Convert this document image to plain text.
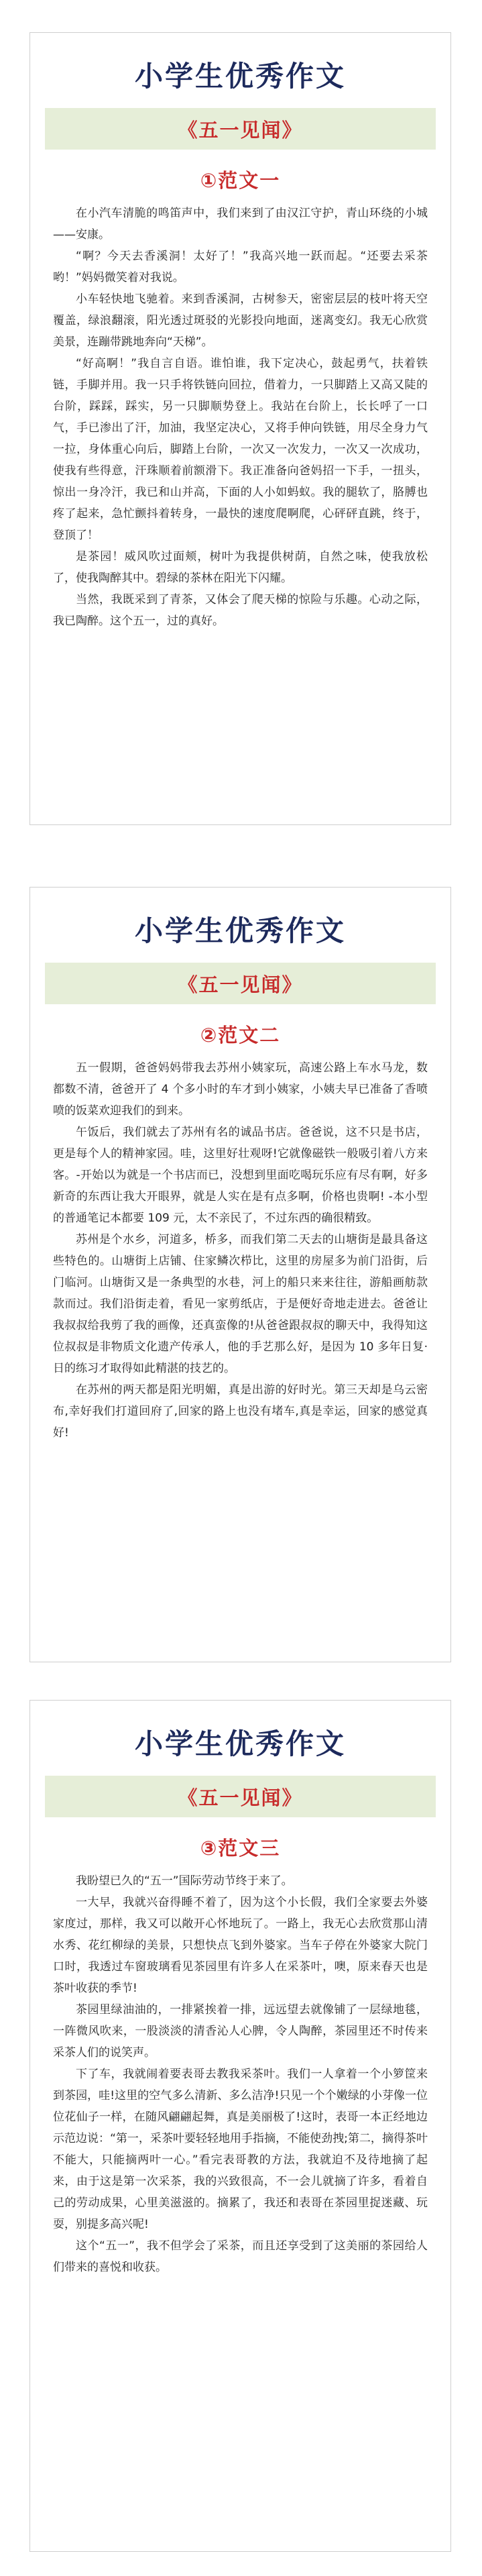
小学生优秀作文
《五一见闻》
①范文一

在小汽车清脆的鸣笛声中，我们来到了由汉江守护，青山环绕的小城——安康。

“啊？今天去香溪洞！太好了！”我高兴地一跃而起。“还要去采茶哟！”妈妈微笑着对我说。

小车轻快地飞驰着。来到香溪洞，古树参天，密密层层的枝叶将天空覆盖，绿浪翻滚，阳光透过斑驳的光影投向地面，迷离变幻。我无心欣赏美景，连蹦带跳地奔向“天梯”。

“好高啊！”我自言自语。谁怕谁，我下定决心，鼓起勇气，扶着铁链，手脚并用。我一只手将铁链向回拉，借着力，一只脚踏上又高又陡的台阶，踩踩，踩实，另一只脚顺势登上。我站在台阶上，长长呼了一口气，手已渗出了汗，加油，我坚定决心，又将手伸向铁链，用尽全身力气一拉，身体重心向后，脚踏上台阶，一次又一次发力，一次又一次成功，使我有些得意，汗珠顺着前额滑下。我正准备向爸妈招一下手，一扭头，惊出一身冷汗，我已和山并高，下面的人小如蚂蚁。我的腿软了，胳膊也疼了起来，急忙颤抖着转身，一最快的速度爬啊爬，心砰砰直跳，终于，登顶了！

是茶园！威风吹过面颊，树叶为我提供树荫，自然之味，使我放松了，使我陶醉其中。碧绿的茶林在阳光下闪耀。

当然，我既采到了青茶，又体会了爬天梯的惊险与乐趣。心动之际，我已陶醉。这个五一，过的真好。

小学生优秀作文
《五一见闻》
②范文二

五一假期，爸爸妈妈带我去苏州小姨家玩，高速公路上车水马龙，数都数不清，爸爸开了 4 个多小时的车才到小姨家，小姨夫早已准备了香喷喷的饭菜欢迎我们的到来。

午饭后，我们就去了苏州有名的诚品书店。爸爸说，这不只是书店，更是每个人的精神家园。哇，这里好壮观呀!它就像磁铁一般吸引着八方来客。-开始以为就是一个书店而已，没想到里面吃喝玩乐应有尽有啊，好多新奇的东西让我大开眼界，就是人实在是有点多啊，价格也贵啊! -本小型的普通笔记本都要 109 元，太不亲民了，不过东西的确很精致。

苏州是个水乡，河道多，桥多，而我们第二天去的山塘街是最具备这些特色的。山塘街上店铺、住家鳞次栉比，这里的房屋多为前门沿街，后门临河。山塘街又是一条典型的水巷，河上的船只来来往往，游船画舫款款而过。我们沿街走着，看见一家剪纸店，于是便好奇地走进去。爸爸让我叔叔给我剪了我的画像，还真蛮像的!从爸爸跟叔叔的聊天中，我得知这位叔叔是非物质文化遗产传承人，他的手艺那么好，是因为 10 多年日复· 日的练习才取得如此精湛的技艺的。

在苏州的两天都是阳光明媚，真是出游的好时光。第三天却是乌云密布,幸好我们打道回府了,回家的路上也没有堵车,真是幸运，回家的感觉真好!

小学生优秀作文
《五一见闻》
③范文三

我盼望已久的“五一”国际劳动节终于来了。

一大早，我就兴奋得睡不着了，因为这个小长假，我们全家要去外婆家度过，那样，我又可以敞开心怀地玩了。一路上，我无心去欣赏那山清水秀、花红柳绿的美景，只想快点飞到外婆家。当车子停在外婆家大院门口时，我透过车窗玻璃看见茶园里有许多人在采茶叶，噢，原来春天也是茶叶收获的季节!

茶园里绿油油的，一排紧挨着一排，远远望去就像铺了一层绿地毯，一阵微风吹来，一股淡淡的清香沁人心脾，令人陶醉，茶园里还不时传来采茶人们的说笑声。

下了车，我就闹着要表哥去教我采茶叶。我们一人拿着一个小箩筐来到茶园，哇!这里的空气多么清新、多么洁净!只见一个个嫩绿的小芽像一位位花仙子一样，在随风翩翩起舞，真是美丽极了!这时，表哥一本正经地边示范边说：“第一，采茶叶要轻轻地用手指摘，不能使劲拽;第二，摘得茶叶不能大，只能摘两叶一心。”看完表哥教的方法，我就迫不及待地摘了起来，由于这是第一次采茶，我的兴致很高，不一会儿就摘了许多，看着自己的劳动成果，心里美滋滋的。摘累了，我还和表哥在茶园里捉迷藏、玩耍，别提多高兴呢!

这个“五一”，我不但学会了采茶，而且还享受到了这美丽的茶园给人们带来的喜悦和收获。
